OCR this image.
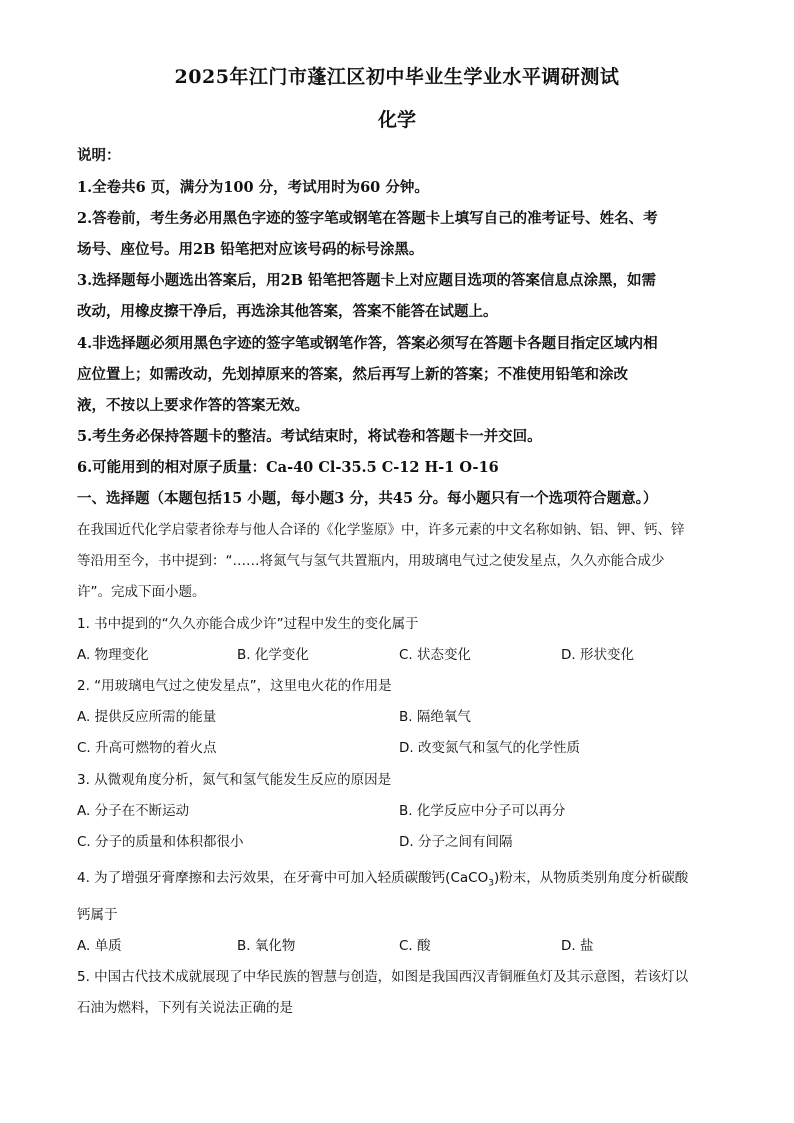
2025年江门市蓬江区初中毕业生学业水平调研测试
化学
说明：
1.全卷共6 页，满分为100 分，考试用时为60 分钟。
2.答卷前，考生务必用黑色字迹的签字笔或钢笔在答题卡上填写自己的准考证号、姓名、考
场号、座位号。用2B 铅笔把对应该号码的标号涂黑。
3.选择题每小题选出答案后，用2B 铅笔把答题卡上对应题目选项的答案信息点涂黑，如需
改动，用橡皮擦干净后，再选涂其他答案，答案不能答在试题上。
4.非选择题必须用黑色字迹的签字笔或钢笔作答，答案必须写在答题卡各题目指定区域内相
应位置上；如需改动，先划掉原来的答案，然后再写上新的答案；不准使用铅笔和涂改
液，不按以上要求作答的答案无效。
5.考生务必保持答题卡的整洁。考试结束时，将试卷和答题卡一并交回。
6.可能用到的相对原子质量：Ca-40 Cl-35.5 C-12 H-1 O-16
一、选择题（本题包括15 小题，每小题3 分，共45 分。每小题只有一个选项符合题意。）
在我国近代化学启蒙者徐寿与他人合译的《化学鉴原》中，许多元素的中文名称如钠、铝、钾、钙、锌
等沿用至今，书中提到：“……将氮气与氢气共置瓶内，用玻璃电气过之使发星点，久久亦能合成少
许”。完成下面小题。
1. 书中提到的“久久亦能合成少许”过程中发生的变化属于
A. 物理变化	B. 化学变化	C. 状态变化	D. 形状变化
2. “用玻璃电气过之使发星点”，这里电火花的作用是
A. 提供反应所需的能量	B. 隔绝氧气
C. 升高可燃物的着火点	D. 改变氮气和氢气的化学性质
3. 从微观角度分析，氮气和氢气能发生反应的原因是
A. 分子在不断运动	B. 化学反应中分子可以再分
C. 分子的质量和体积都很小	D. 分子之间有间隔
4. 为了增强牙膏摩擦和去污效果，在牙膏中可加入轻质碳酸钙(CaCO$_3$)粉末，从物质类别角度分析碳酸
钙属于
A. 单质	B. 氧化物	C. 酸	D. 盐
5. 中国古代技术成就展现了中华民族的智慧与创造，如图是我国西汉青铜雁鱼灯及其示意图，若该灯以
石油为燃料，下列有关说法正确的是
